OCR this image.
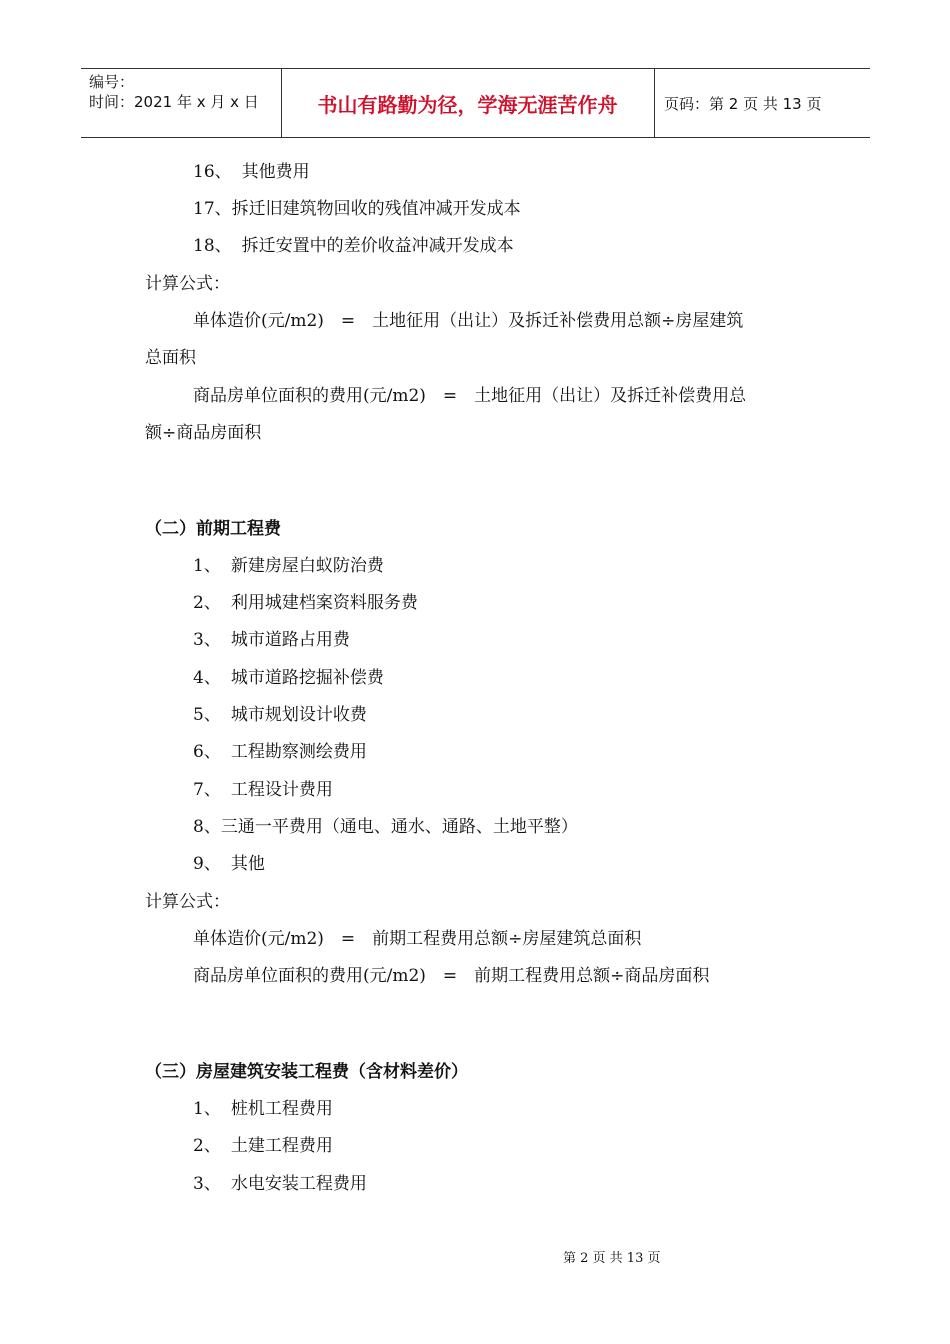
编号：
时间：2021 年 x 月 x 日	书山有路勤为径，学海无涯苦作舟	页码：第 2 页 共 13 页
16、 其他费用
17、拆迁旧建筑物回收的残值冲减开发成本
18、 拆迁安置中的差价收益冲减开发成本
计算公式：
单体造价(元/m2)　=　土地征用（出让）及拆迁补偿费用总额÷房屋建筑
总面积
商品房单位面积的费用(元/m2)　=　土地征用（出让）及拆迁补偿费用总
额÷商品房面积
（二）前期工程费
1、 新建房屋白蚁防治费
2、 利用城建档案资料服务费
3、 城市道路占用费
4、 城市道路挖掘补偿费
5、 城市规划设计收费
6、 工程勘察测绘费用
7、 工程设计费用
8、三通一平费用（通电、通水、通路、土地平整）
9、 其他
计算公式：
单体造价(元/m2)　=　前期工程费用总额÷房屋建筑总面积
商品房单位面积的费用(元/m2)　=　前期工程费用总额÷商品房面积
（三）房屋建筑安装工程费（含材料差价）
1、 桩机工程费用
2、 土建工程费用
3、 水电安装工程费用
第 2 页 共 13 页
